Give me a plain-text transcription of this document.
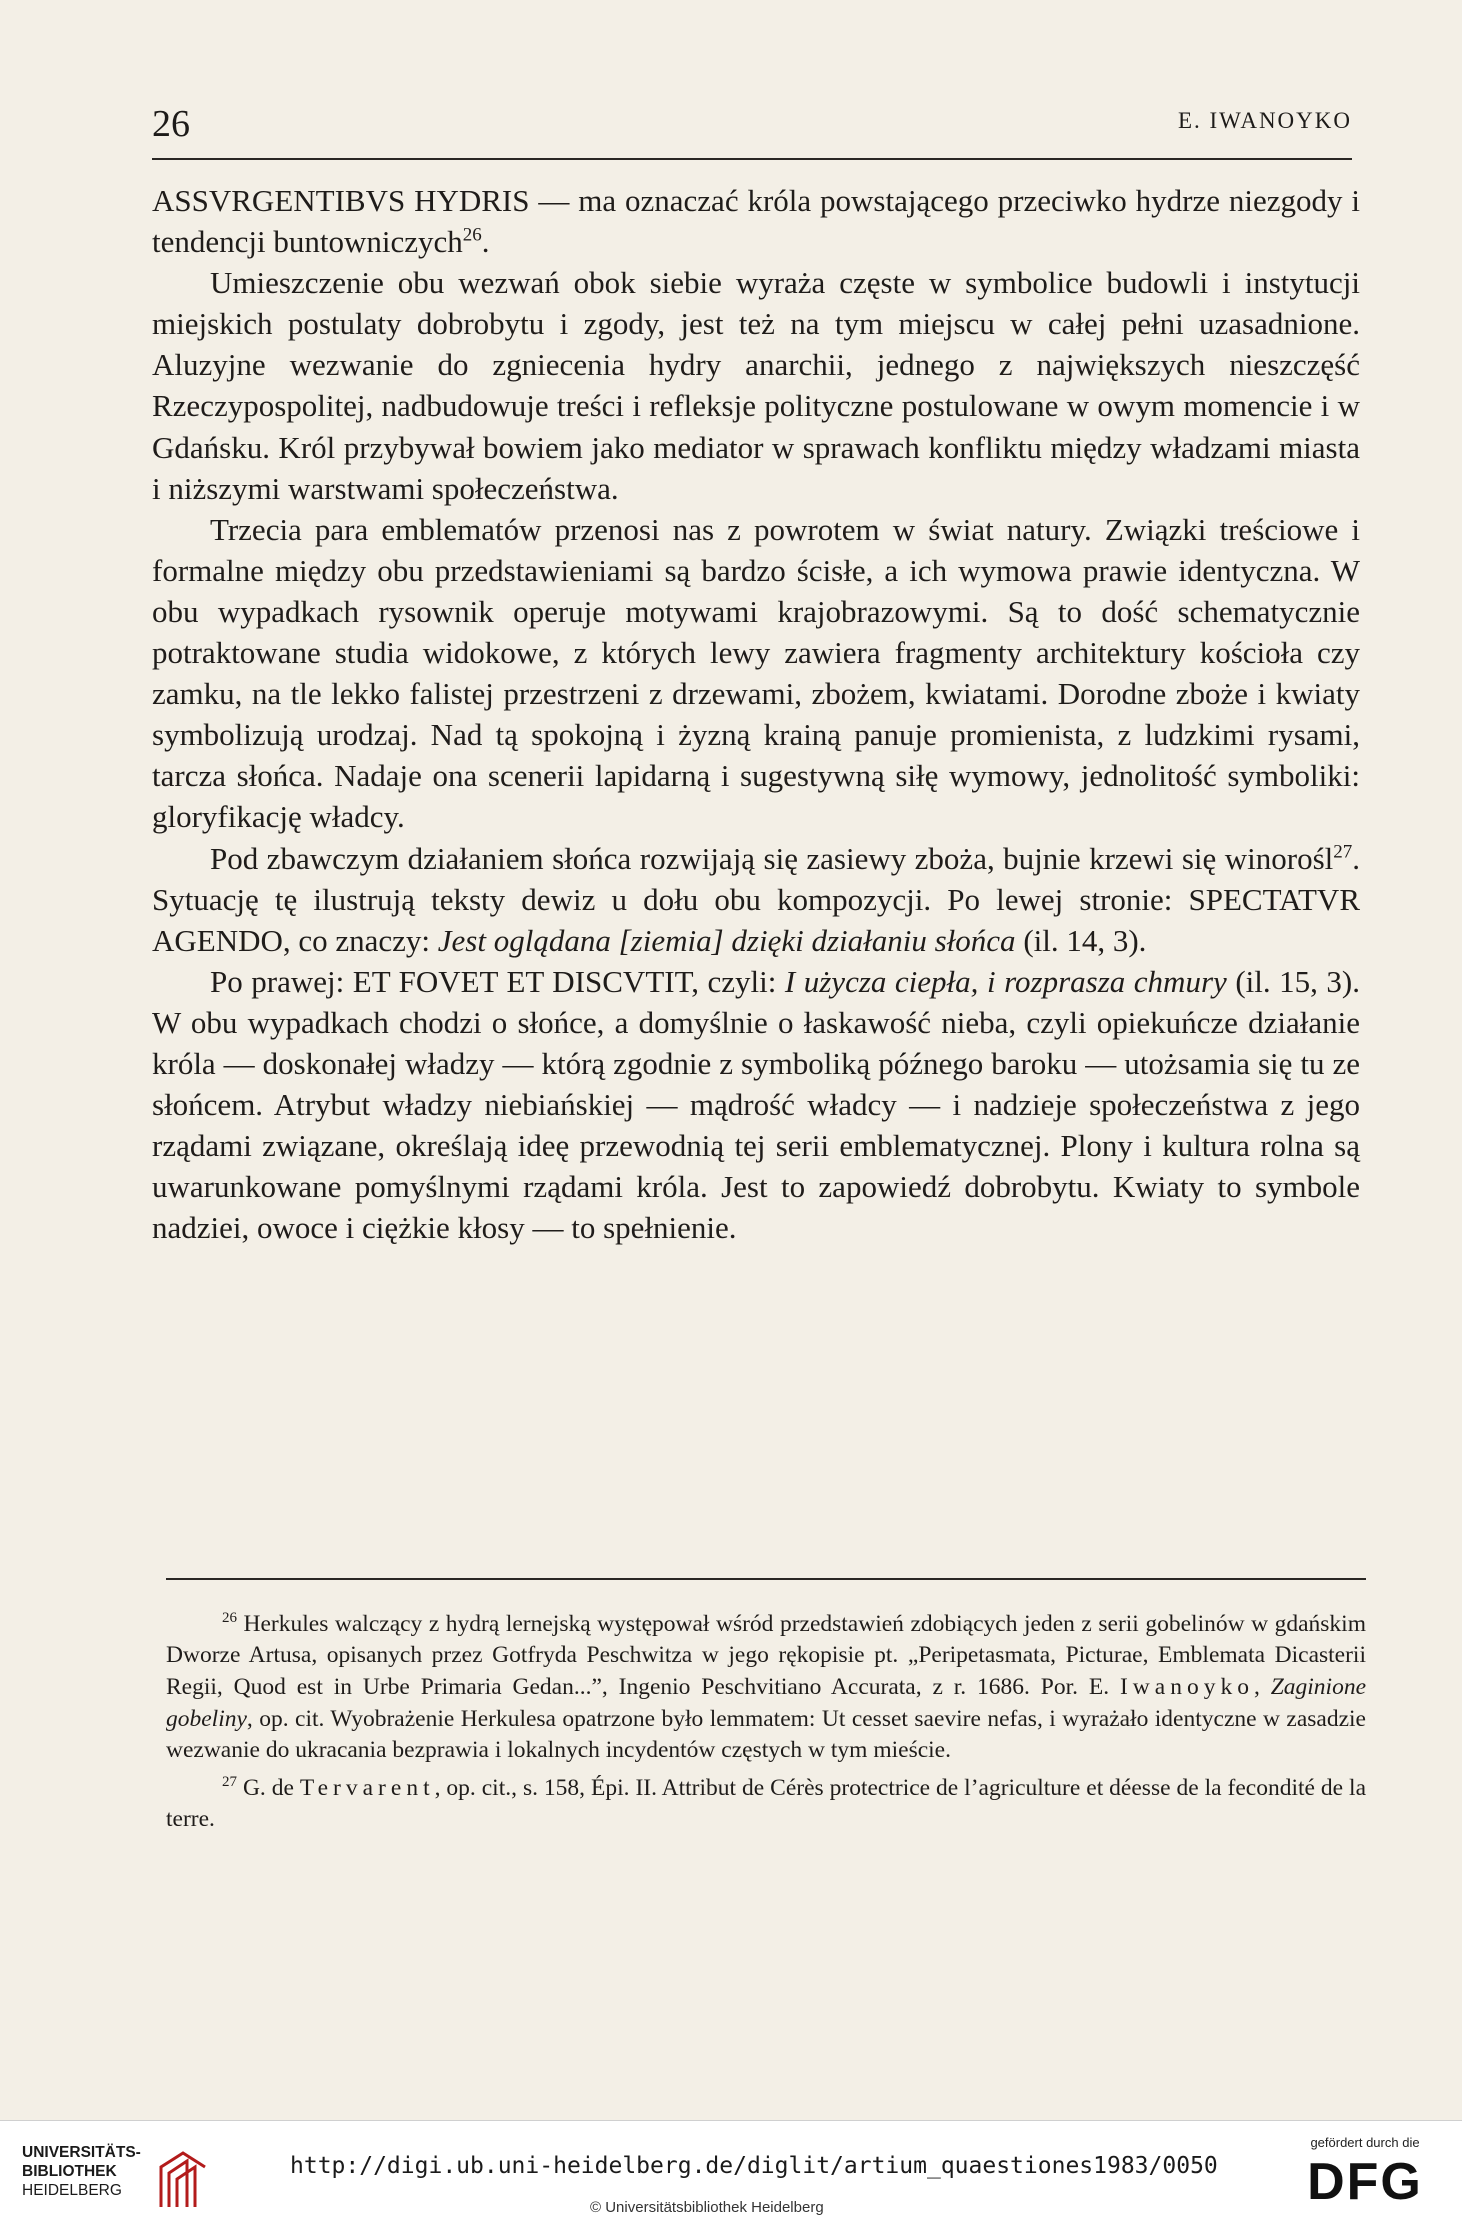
26	E. IWANOYKO

ASSVRGENTIBVS HYDRIS — ma oznaczać króla powstającego przeciwko hydrze niezgody i tendencji buntowniczych$^{26}$.

Umieszczenie obu wezwań obok siebie wyraża częste w symbolice budowli i instytucji miejskich postulaty dobrobytu i zgody, jest też na tym miejscu w całej pełni uzasadnione. Aluzyjne wezwanie do zgniecenia hydry anarchii, jednego z największych nieszczęść Rzeczypospolitej, nadbudowuje treści i refleksje polityczne postulowane w owym momencie i w Gdańsku. Król przybywał bowiem jako mediator w sprawach konfliktu między władzami miasta i niższymi warstwami społeczeństwa.

Trzecia para emblematów przenosi nas z powrotem w świat natury. Związki treściowe i formalne między obu przedstawieniami są bardzo ścisłe, a ich wymowa prawie identyczna. W obu wypadkach rysownik operuje motywami krajobrazowymi. Są to dość schematycznie potraktowane studia widokowe, z których lewy zawiera fragmenty architektury kościoła czy zamku, na tle lekko falistej przestrzeni z drzewami, zbożem, kwiatami. Dorodne zboże i kwiaty symbolizują urodzaj. Nad tą spokojną i żyzną krainą panuje promienista, z ludzkimi rysami, tarcza słońca. Nadaje ona scenerii lapidarną i sugestywną siłę wymowy, jednolitość symboliki: gloryfikację władcy.

Pod zbawczym działaniem słońca rozwijają się zasiewy zboża, bujnie krzewi się winorośl$^{27}$. Sytuację tę ilustrują teksty dewiz u dołu obu kompozycji. Po lewej stronie: SPECTATVR AGENDO, co znaczy: Jest oglądana [ziemia] dzięki działaniu słońca (il. 14, 3).

Po prawej: ET FOVET ET DISCVTIT, czyli: I użycza ciepła, i rozprasza chmury (il. 15, 3). W obu wypadkach chodzi o słońce, a domyślnie o łaskawość nieba, czyli opiekuńcze działanie króla — doskonałej władzy — którą zgodnie z symboliką późnego baroku — utożsamia się tu ze słońcem. Atrybut władzy niebiańskiej — mądrość władcy — i nadzieje społeczeństwa z jego rządami związane, określają ideę przewodnią tej serii emblematycznej. Plony i kultura rolna są uwarunkowane pomyślnymi rządami króla. Jest to zapowiedź dobrobytu. Kwiaty to symbole nadziei, owoce i ciężkie kłosy — to spełnienie.

$^{26}$ Herkules walczący z hydrą lernejską występował wśród przedstawień zdobiących jeden z serii gobelinów w gdańskim Dworze Artusa, opisanych przez Gotfryda Peschwitza w jego rękopisie pt. „Peripetasmata, Picturae, Emblemata Dicasterii Regii, Quod est in Urbe Primaria Gedan...”, Ingenio Peschvitiano Accurata, z r. 1686. Por. E. Iwanoyko, Zaginione gobeliny, op. cit. Wyobrażenie Herkulesa opatrzone było lemmatem: Ut cesset saevire nefas, i wyrażało identyczne w zasadzie wezwanie do ukracania bezprawia i lokalnych incydentów częstych w tym mieście.

$^{27}$ G. de Tervarent, op. cit., s. 158, Épi. II. Attribut de Cérès protectrice de l’agriculture et déesse de la fecondité de la terre.

UNIVERSITÄTS-
BIBLIOTHEK
HEIDELBERG
http://digi.ub.uni-heidelberg.de/diglit/artium_quaestiones1983/0050
© Universitätsbibliothek Heidelberg
gefördert durch die
DFG
